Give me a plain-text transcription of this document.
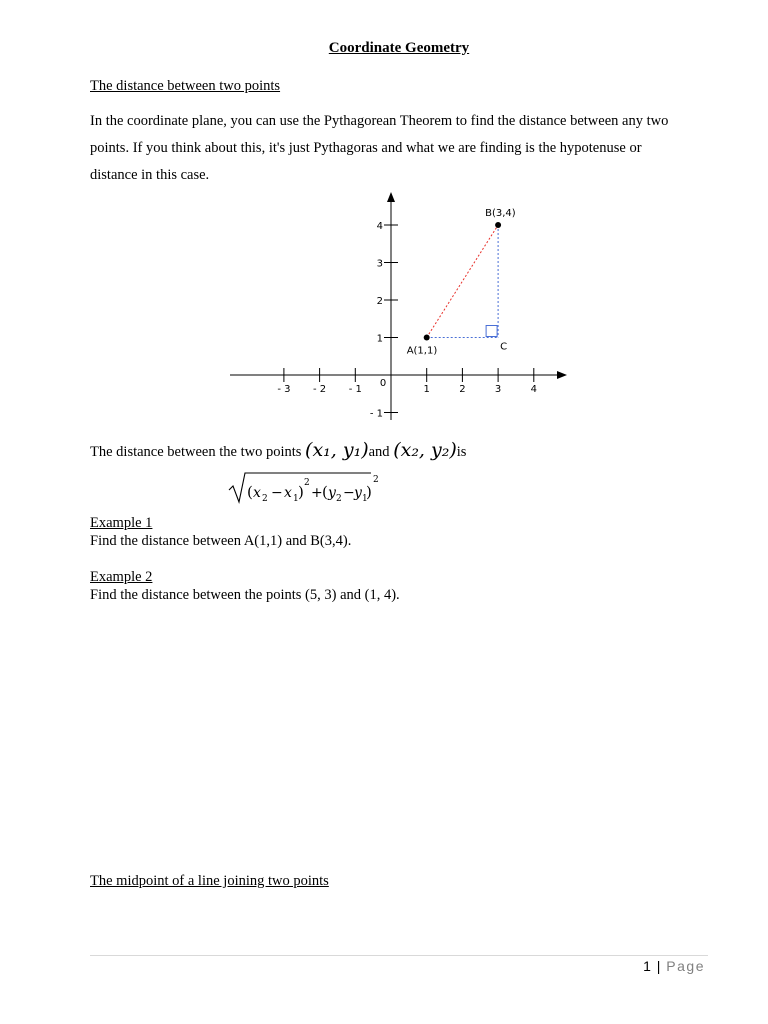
Coordinate Geometry
The distance between two points
In the coordinate plane, you can use the Pythagorean Theorem to find the distance between any two
points. If you think about this, it's just Pythagoras and what we are finding is the hypotenuse or
distance in this case.
- 3 - 2 - 1
0
1	2	3	4
4
3
2
1
- 1
A(1,1)
B(3,4)
C
The distance between the two points (x₁, y₁)and (x₂, y₂)is
( x 2 − x 1 ) 2
+ ( y 2 − y 1
)
2
Example 1
Find the distance between A(1,1) and B(3,4).
Example 2
Find the distance between the points (5, 3) and (1, 4).
The midpoint of a line joining two points
1 | Page
